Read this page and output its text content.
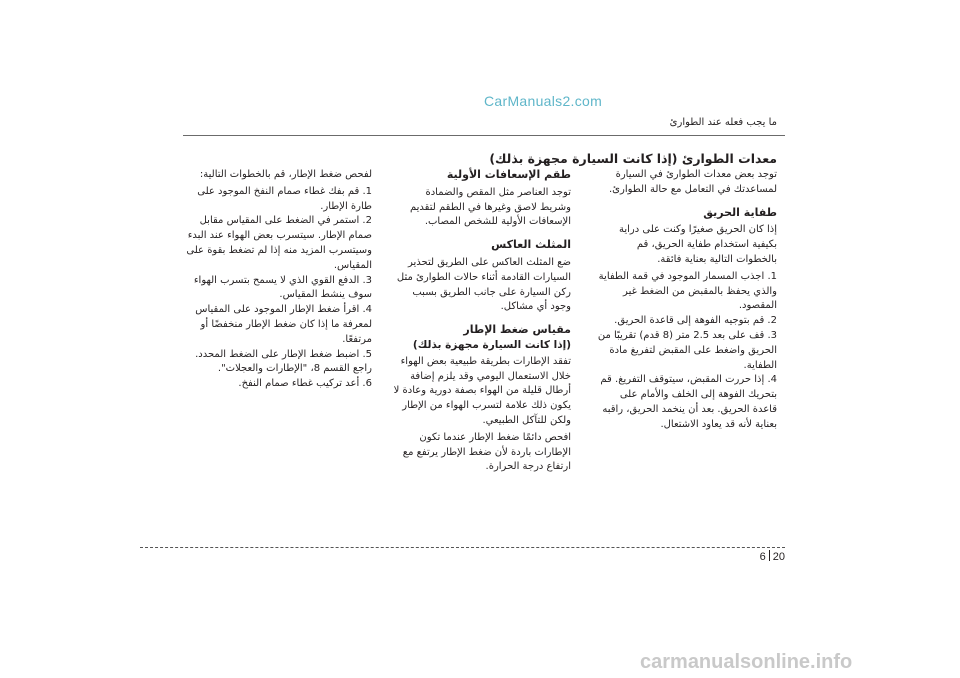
CarManuals2.com
ما يجب فعله عند الطوارئ
معدات الطوارئ (إذا كانت السيارة مجهزة بذلك)

توجد بعض معدات الطوارئ في السيارة لمساعدتك في التعامل مع حالة الطوارئ.

طفاية الحريق

إذا كان الحريق صغيرًا وكنت على دراية بكيفية استخدام طفاية الحريق، قم بالخطوات التالية بعناية فائقة.

1. اجذب المسمار الموجود في قمة الطفاية والذي يحفظ بالمقبض من الضغط غير المقصود.
2. قم بتوجيه الفوهة إلى قاعدة الحريق.
3. قف على بعد 2.5 متر (8 قدم) تقريبًا من الحريق واضغط على المقبض لتفريغ مادة الطفاية.
4. إذا حررت المقبض، سيتوقف التفريغ. قم بتحريك الفوهة إلى الخلف والأمام على قاعدة الحريق. بعد أن ينخمد الحريق، راقبه بعناية لأنه قد يعاود الاشتعال.
طقم الإسعافات الأولية

توجد العناصر مثل المقص والضمادة وشريط لاصق وغيرها في الطقم لتقديم الإسعافات الأولية للشخص المصاب.

المثلث العاكس

ضع المثلث العاكس على الطريق لتحذير السيارات القادمة أثناء حالات الطوارئ مثل ركن السيارة على جانب الطريق بسبب وجود أي مشاكل.

مقياس ضغط الإطار
(إذا كانت السيارة مجهزة بذلك)

تفقد الإطارات بطريقة طبيعية بعض الهواء خلال الاستعمال اليومي وقد يلزم إضافة أرطال قليلة من الهواء بصفة دورية وعادة لا يكون ذلك علامة لتسرب الهواء من الإطار ولكن للتآكل الطبيعي.

افحص دائمًا ضغط الإطار عندما تكون الإطارات باردة لأن ضغط الإطار يرتفع مع ارتفاع درجة الحرارة.

لفحص ضغط الإطار، قم بالخطوات التالية:

1. قم بفك غطاء صمام النفخ الموجود على طارة الإطار.
2. استمر في الضغط على المقياس مقابل صمام الإطار. سيتسرب بعض الهواء عند البدء وسيتسرب المزيد منه إذا لم تضغط بقوة على المقياس.
3. الدفع القوي الذي لا يسمح بتسرب الهواء سوف ينشط المقياس.
4. اقرأ ضغط الإطار الموجود على المقياس لمعرفة ما إذا كان ضغط الإطار منخفضًا أو مرتفعًا.
5. اضبط ضغط الإطار على الضغط المحدد. راجع القسم 8، "الإطارات والعجلات".
6. أعد تركيب غطاء صمام النفخ.
6 20
carmanualsonline.info
